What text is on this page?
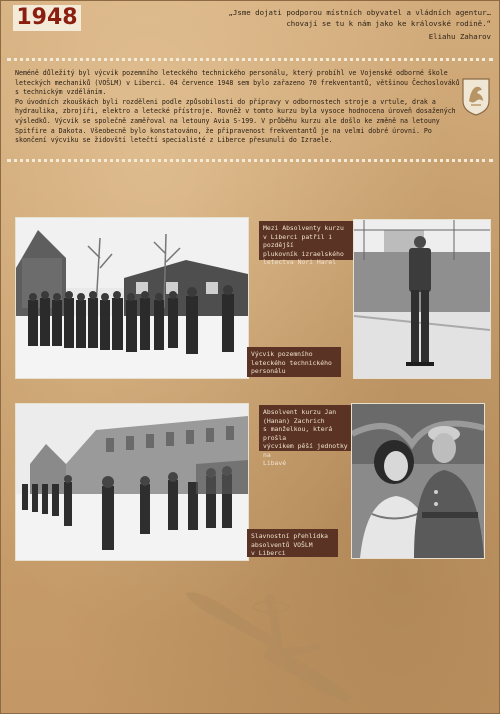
1948	„Jsme dojati podporou místních obyvatel a vládních agentur…
chovají se tu k nám jako ke královské rodině.“
Eliahu Zaharov

Neméně důležitý byl výcvik pozemního leteckého technického personálu, který probíhl ve Vojenské odborné škole leteckých mechaniků (VOŠLM) v Liberci. 04 července 1948 sem bylo zařazeno 70 frekventantů, většinou Čechoslováků s technickým vzděláním.

Po úvodních zkouškách byli rozděleni podle způsobilosti do přípravy v odbornostech stroje a vrtule, drak a hydraulika, zbrojíři, elektro a letecké přístroje. Rovněž v tomto kurzu byla vysoce hodnocena úroveň dosažených výsledků. Výcvik se společně zaměřoval na letouny Avia S-199. V průběhu kurzu ale došlo ke změně na letouny Spitfire a Dakota. Všeobecně bylo konstatováno, že připravenost frekventantů je na velmi dobré úrovni. Po skončení výcviku se židovští letečtí specialisté z Liberce přesunuli do Izraele.

Mezi Absolventy kurzu
v Liberci patřil i pozdější
plukovník izraelského
letectva Nori Harel
Výcvik pozemního
leteckého technického
personálu
Absolvent kurzu Jan
(Hanan) Zachrich
s manželkou, která prošla
výcvikem pěší jednotky na
Libavé
Slavnostní přehlídka
absolventů VOŠLM
v Liberci
